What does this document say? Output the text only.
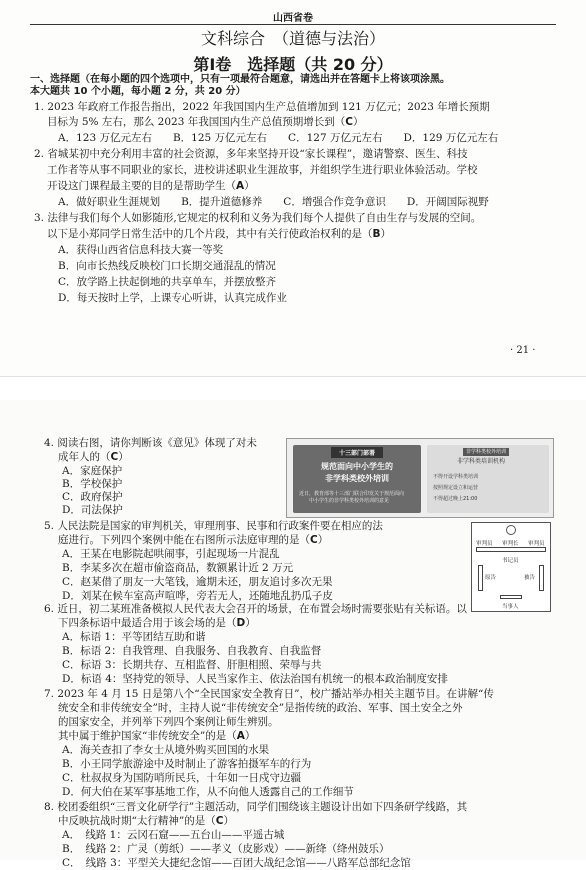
山西省卷
文科综合　（道德与法治）
第Ⅰ卷　选择题（共 20 分）
一、选择题（在每小题的四个选项中，只有一项最符合题意，请选出并在答题卡上将该项涂黑。
本大题共 10 个小题，每小题 2 分，共 20 分）
1. 2023 年政府工作报告指出，2022 年我国国内生产总值增加到 121 万亿元；2023 年增长预期
目标为 5% 左右，那么 2023 年我国国内生产总值预期增长到（C）
A．123 万亿元左右　　B．125 万亿元左右　　C．127 万亿元左右　　D．129 万亿元左右
2. 省城某初中充分利用丰富的社会资源，多年来坚持开设“家长课程”，邀请警察、医生、科技
工作者等从事不同职业的家长，进校讲述职业生涯故事，并组织学生进行职业体验活动。学校
开设这门课程最主要的目的是帮助学生（A）
A．做好职业生涯规划　　B．提升道德修养　　C．增强合作竞争意识　　D．开阔国际视野
3. 法律与我们每个人如影随形,它规定的权利和义务为我们每个人提供了自由生存与发展的空间。
以下是小郑同学日常生活中的几个片段，其中有关行使政治权利的是（B）
A．获得山西省信息科技大赛一等奖
B．向市长热线反映校门口长期交通混乱的情况
C．放学路上扶起倒地的共享单车，并摆放整齐
D．每天按时上学，上课专心听讲，认真完成作业
· 21 ·
4. 阅读右图，请你判断该《意见》体现了对未
成年人的（C）
A．家庭保护
B．学校保护
C．政府保护
D．司法保护
十三部门部署
规范面向中小学生的
非学科类校外培训
近日，教育部等十三部门联合印发关于规范面向
中小学生的非学科类校外培训的意见
非学科类校外培训
非学科类培训机构
不得开设学科类培训
按照规定设立和运营
不得超过晚上21:00
5. 人民法院是国家的审判机关，审理刑事、民事和行政案件要在相应的法
庭进行。下列四个案例中能在右图所示法庭审理的是（C）
A．王某在电影院起哄闹事，引起现场一片混乱
B．李某多次在超市偷盗商品，数额累计近 2 万元
C．赵某借了朋友一大笔钱，逾期未还，朋友追讨多次无果
D．刘某在候车室高声喧哗，旁若无人，还随地乱扔瓜子皮
审判员 审判长 审判员
书记员
原告	被告
当事人
6. 近日，初二某班准备模拟人民代表大会召开的场景，在布置会场时需要张贴有关标语。以
下四条标语中最适合用于该会场的是（D）
A．标语 1：平等团结互助和谐
B．标语 2：自我管理、自我服务、自我教育、自我监督
C．标语 3：长期共存、互相监督、肝胆相照、荣辱与共
D．标语 4：坚持党的领导、人民当家作主、依法治国有机统一的根本政治制度安排
7. 2023 年 4 月 15 日是第八个“全民国家安全教育日”，校广播站举办相关主题节目。在讲解“传
统安全和非传统安全”时，主持人说“非传统安全”是指传统的政治、军事、国土安全之外
的国家安全，并列举下列四个案例让师生辨别。
其中属于维护国家“非传统安全”的是（A）
A．海关查扣了李女士从境外购买回国的水果
B．小王同学旅游途中及时制止了游客拍摄军车的行为
C．杜叔叔身为国防哨所民兵，十年如一日戍守边疆
D．何大伯在某军事基地工作，从不向他人透露自己的工作细节
8. 校团委组织“三晋文化研学行”主题活动，同学们围绕该主题设计出如下四条研学线路，其
中反映抗战时期“太行精神”的是（C）
A．　线路 1：云冈石窟——五台山——平遥古城
B．　线路 2：广灵（剪纸）——孝义（皮影戏）——新绛（绛州鼓乐）
C．　线路 3：平型关大捷纪念馆——百团大战纪念馆——八路军总部纪念馆
